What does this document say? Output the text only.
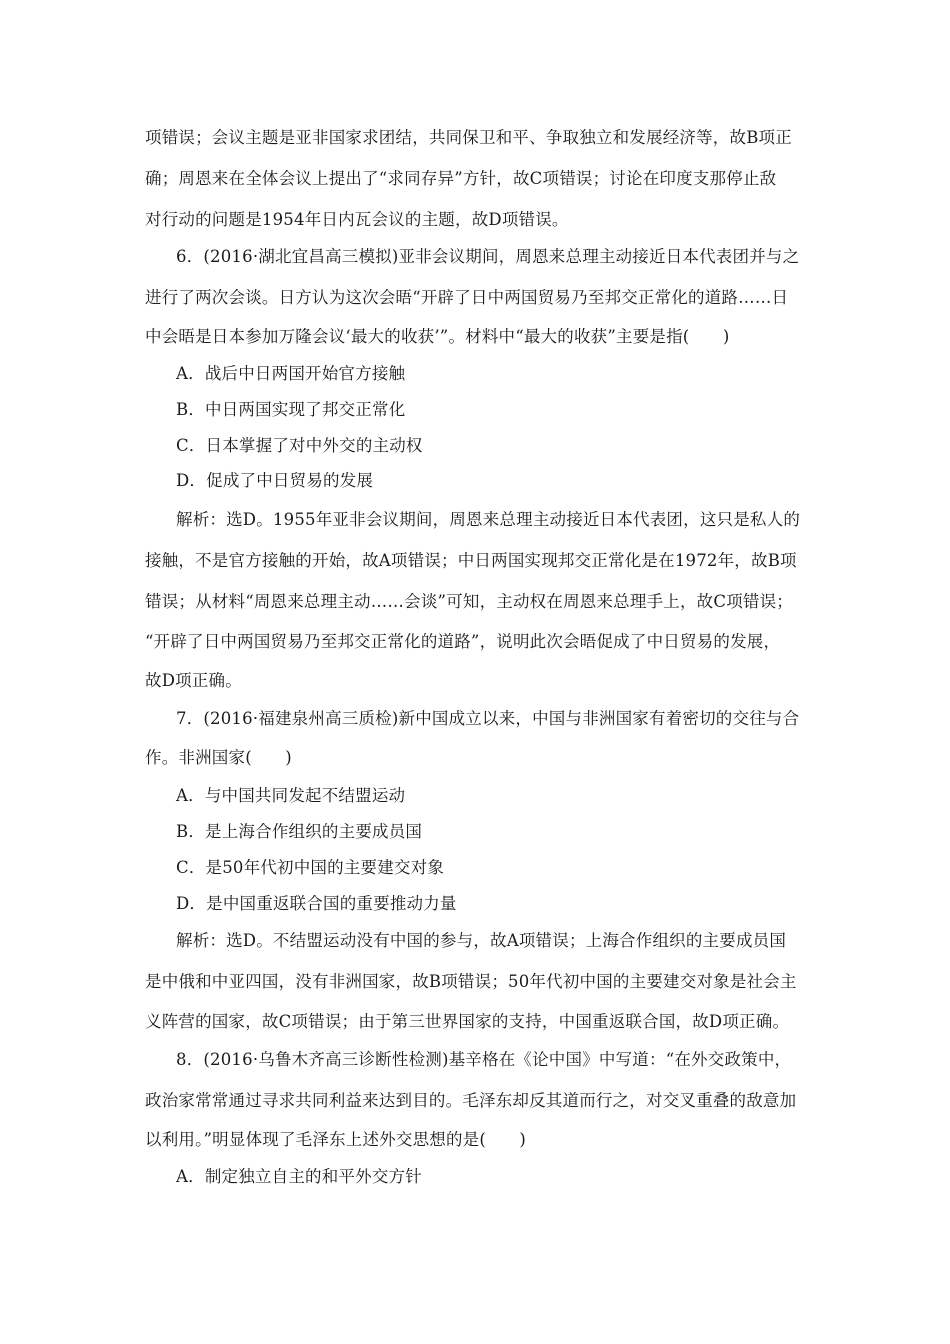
项错误；会议主题是亚非国家求团结，共同保卫和平、争取独立和发展经济等，故B项正
确；周恩来在全体会议上提出了“求同存异”方针，故C项错误；讨论在印度支那停止敌
对行动的问题是1954年日内瓦会议的主题，故D项错误。
6．(2016·湖北宜昌高三模拟)亚非会议期间，周恩来总理主动接近日本代表团并与之
进行了两次会谈。日方认为这次会晤“开辟了日中两国贸易乃至邦交正常化的道路……日
中会晤是日本参加万隆会议‘最大的收获’”。材料中“最大的收获”主要是指(　　)
A．战后中日两国开始官方接触
B．中日两国实现了邦交正常化
C．日本掌握了对中外交的主动权
D．促成了中日贸易的发展
解析：选D。1955年亚非会议期间，周恩来总理主动接近日本代表团，这只是私人的
接触，不是官方接触的开始，故A项错误；中日两国实现邦交正常化是在1972年，故B项
错误；从材料“周恩来总理主动……会谈”可知，主动权在周恩来总理手上，故C项错误；
“开辟了日中两国贸易乃至邦交正常化的道路”，说明此次会晤促成了中日贸易的发展，
故D项正确。
7．(2016·福建泉州高三质检)新中国成立以来，中国与非洲国家有着密切的交往与合
作。非洲国家(　　)
A．与中国共同发起不结盟运动
B．是上海合作组织的主要成员国
C．是50年代初中国的主要建交对象
D．是中国重返联合国的重要推动力量
解析：选D。不结盟运动没有中国的参与，故A项错误；上海合作组织的主要成员国
是中俄和中亚四国，没有非洲国家，故B项错误；50年代初中国的主要建交对象是社会主
义阵营的国家，故C项错误；由于第三世界国家的支持，中国重返联合国，故D项正确。
8．(2016·乌鲁木齐高三诊断性检测)基辛格在《论中国》中写道：“在外交政策中，
政治家常常通过寻求共同利益来达到目的。毛泽东却反其道而行之，对交叉重叠的敌意加
以利用。”明显体现了毛泽东上述外交思想的是(　　)
A．制定独立自主的和平外交方针
